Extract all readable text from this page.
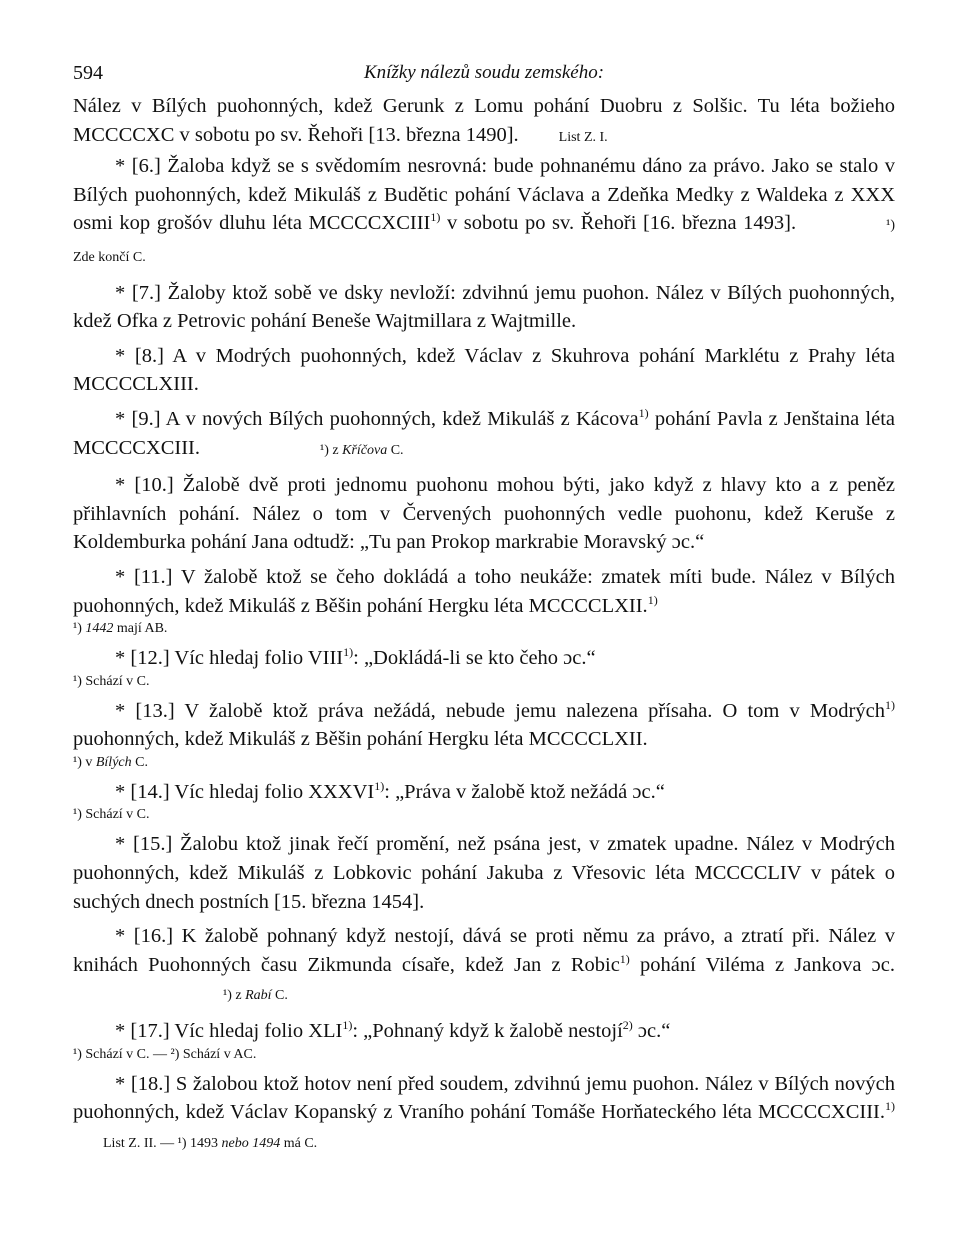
594	Knížky nálezů soudu zemského:

Nález v Bílých puohonných, kdež Gerunk z Lomu pohání Duobru z Solšic. Tu léta božieho MCCCCXC v sobotu po sv. Řehoři [13. března 1490].	List Z. I.

* [6.] Žaloba když se s svědomím nesrovná: bude pohnanému dáno za právo. Jako se stalo v Bílých puohonných, kdež Mikuláš z Budětic pohání Václava a Zdeňka Medky z Waldeka z XXX osmi kop grošóv dluhu léta MCCCCXCIII$^{1)}$ v sobotu po sv. Řehoři [16. března 1493].	¹) Zde končí C.

* [7.] Žaloby ktož sobě ve dsky nevloží: zdvihnú jemu puohon. Nález v Bílých puohonných, kdež Ofka z Petrovic pohání Beneše Wajtmillara z Wajtmille.

* [8.] A v Modrých puohonných, kdež Václav z Skuhrova pohání Marklétu z Prahy léta MCCCCLXIII.

* [9.] A v nových Bílých puohonných, kdež Mikuláš z Kácova$^{1)}$ pohání Pavla z Jenštaina léta MCCCCXCIII.	¹) z Kříčova C.

* [10.] Žalobě dvě proti jednomu puohonu mohou býti, jako když z hlavy kto a z peněz přihlavních pohání. Nález o tom v Červených puohonných vedle puohonu, kdež Keruše z Koldemburka pohání Jana odtudž: „Tu pan Prokop markrabie Moravský ɔc.“

* [11.] V žalobě ktož se čeho dokládá a toho neukáže: zmatek míti bude. Nález v Bílých puohonných, kdež Mikuláš z Běšin pohání Hergku léta MCCCCLXII.$^{1)}$

¹) 1442 mají AB.

* [12.] Víc hledaj folio VIII$^{1)}$: „Dokládá-li se kto čeho ɔc.“

¹) Schází v C.

* [13.] V žalobě ktož práva nežádá, nebude jemu nalezena přísaha. O tom v Modrých$^{1)}$ puohonných, kdež Mikuláš z Běšin pohání Hergku léta MCCCCLXII.

¹) v Bílých C.

* [14.] Víc hledaj folio XXXVI$^{1)}$: „Práva v žalobě ktož nežádá ɔc.“

¹) Schází v C.

* [15.] Žalobu ktož jinak řečí promění, než psána jest, v zmatek upadne. Nález v Modrých puohonných, kdež Mikuláš z Lobkovic pohání Jakuba z Vřesovic léta MCCCCLIV v pátek o suchých dnech postních [15. března 1454].

* [16.] K žalobě pohnaný když nestojí, dává se proti němu za právo, a ztratí při. Nález v knihách Puohonných času Zikmunda císaře, kdež Jan z Robic$^{1)}$ pohání Viléma z Jankova ɔc.¹) z Rabí C.

* [17.] Víc hledaj folio XLI$^{1)}$: „Pohnaný když k žalobě nestojí$^{2)}$ ɔc.“

¹) Schází v C. — ²) Schází v AC.

* [18.] S žalobou ktož hotov není před soudem, zdvihnú jemu puohon. Nález v Bílých nových puohonných, kdež Václav Kopanský z Vraního pohání Tomáše Horňateckého léta MCCCCXCIII.$^{1)}$List Z. II. — ¹) 1493 nebo 1494 má C.
